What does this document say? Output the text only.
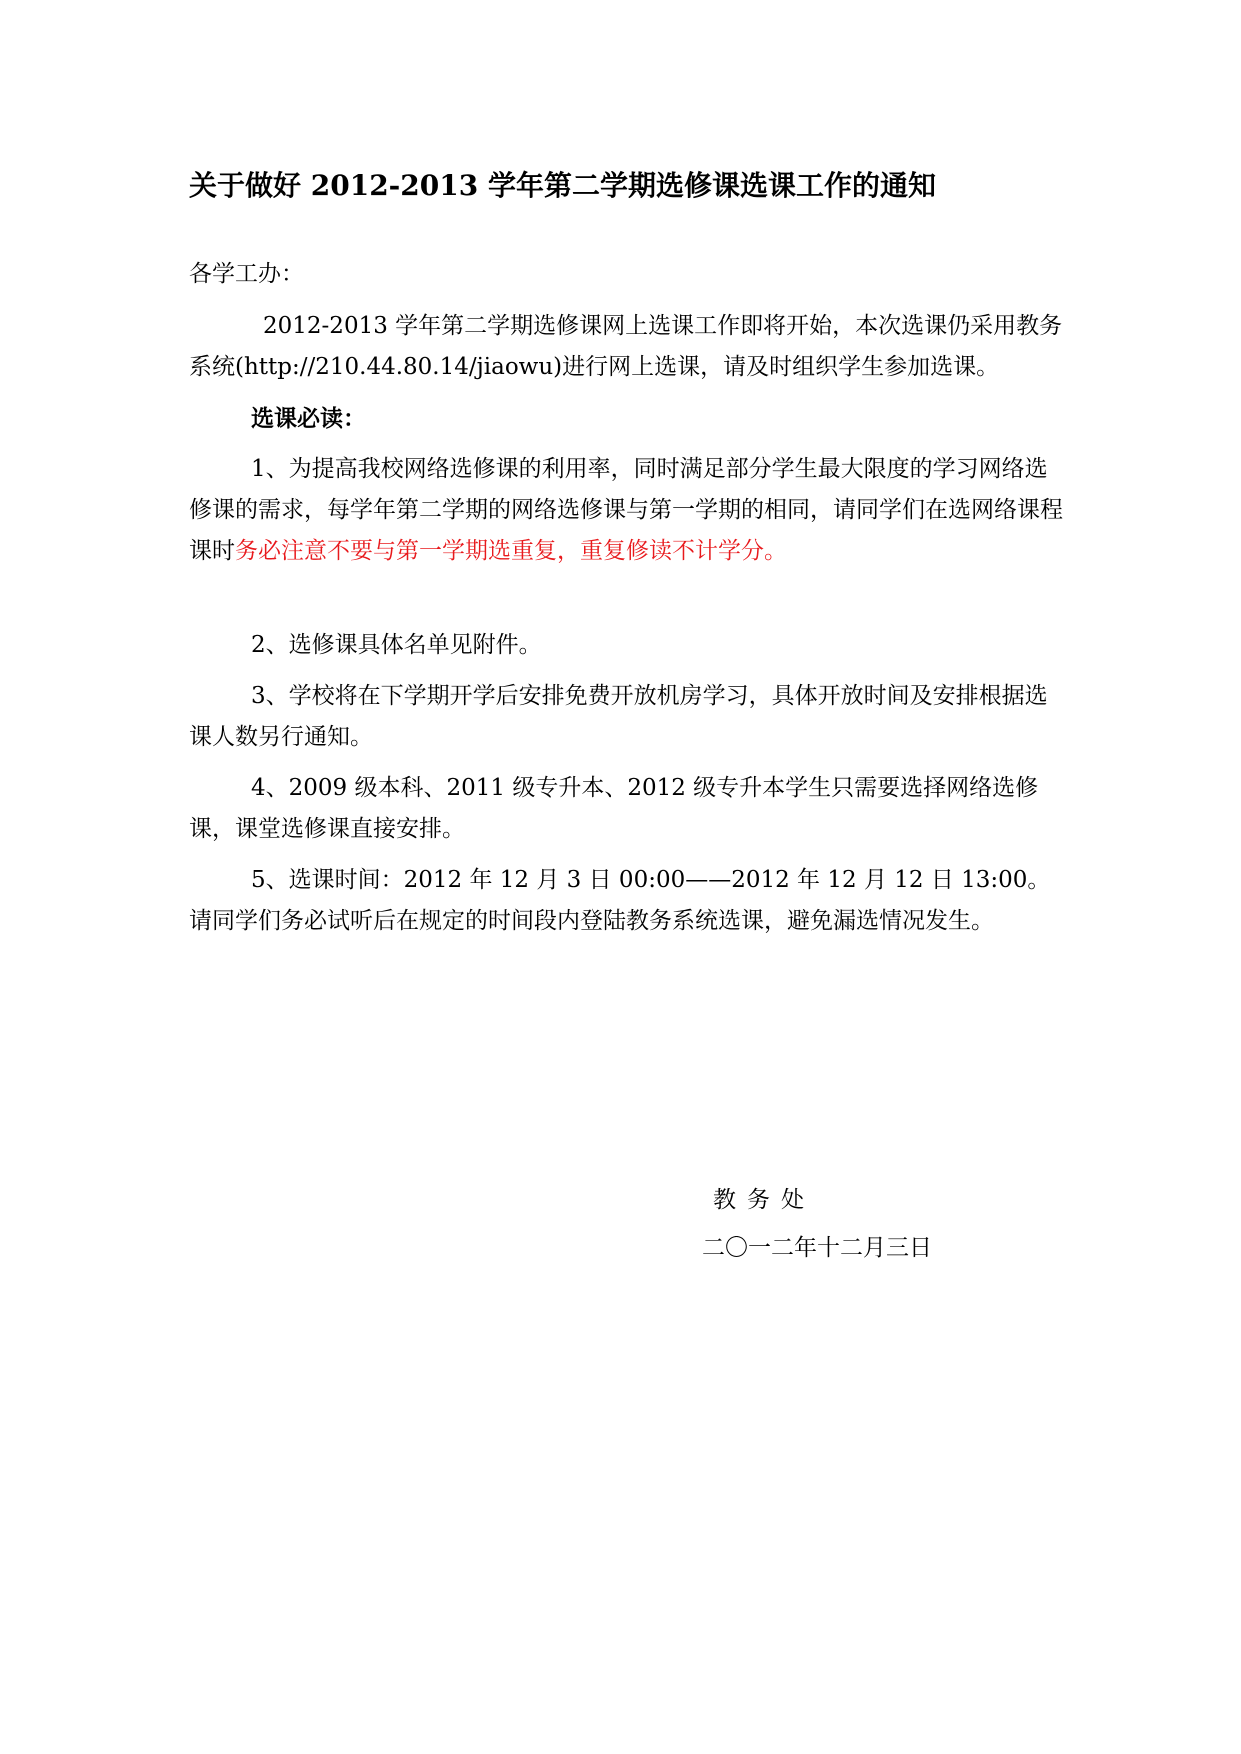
关于做好 2012-2013 学年第二学期选修课选课工作的通知

各学工办：

2012-2013 学年第二学期选修课网上选课工作即将开始，本次选课仍采用教务系统(http://210.44.80.14/jiaowu)进行网上选课，请及时组织学生参加选课。

选课必读：

1、为提高我校网络选修课的利用率，同时满足部分学生最大限度的学习网络选修课的需求，每学年第二学期的网络选修课与第一学期的相同，请同学们在选网络课程课时务必注意不要与第一学期选重复，重复修读不计学分。

2、选修课具体名单见附件。

3、学校将在下学期开学后安排免费开放机房学习，具体开放时间及安排根据选课人数另行通知。

4、2009 级本科、2011 级专升本、2012 级专升本学生只需要选择网络选修课，课堂选修课直接安排。

5、选课时间：2012 年 12 月 3 日 00:00——2012 年 12 月 12 日 13:00。请同学们务必试听后在规定的时间段内登陆教务系统选课，避免漏选情况发生。

教务处
二〇一二年十二月三日
